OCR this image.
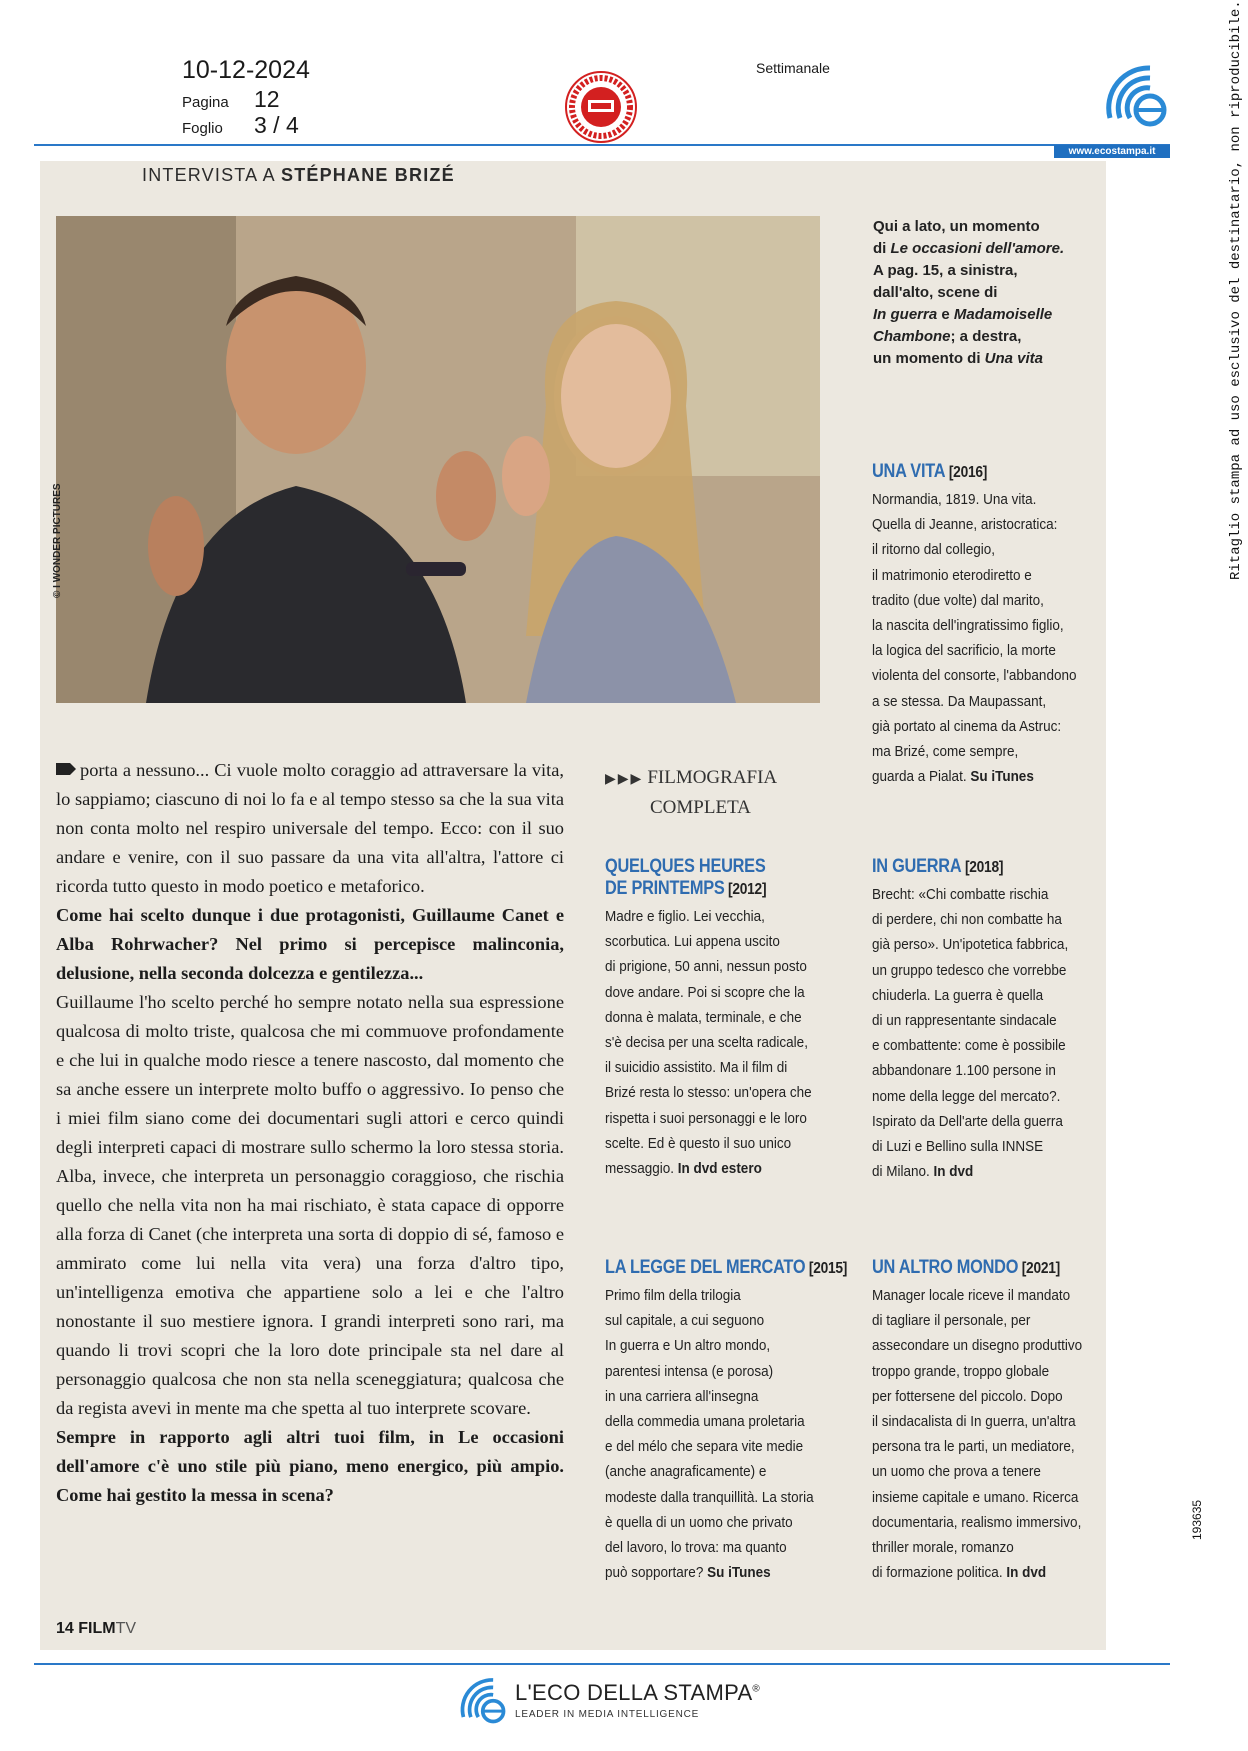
10-12-2024
Pagina 12
Foglio 3 / 4
Settimanale
www.ecostampa.it
INTERVISTA A STÉPHANE BRIZÉ
© I WONDER PICTURES
Qui a lato, un momento
di Le occasioni dell'amore.
A pag. 15, a sinistra,
dall'alto, scene di
In guerra e Madamoiselle
Chambone; a destra,
un momento di Una vita

porta a nessuno... Ci vuole molto coraggio ad attraversare la vita, lo sappiamo; ciascuno di noi lo fa e al tempo stesso sa che la sua vita non conta molto nel respiro universale del tempo. Ecco: con il suo andare e venire, con il suo passare da una vita all'altra, l'attore ci ricorda tutto questo in modo poetico e metaforico.

Come hai scelto dunque i due protagonisti, Guillaume Canet e Alba Rohrwacher? Nel primo si percepisce malinconia, delusione, nella seconda dolcezza e gentilezza...

Guillaume l'ho scelto perché ho sempre notato nella sua espressione qualcosa di molto triste, qualcosa che mi commuove profondamente e che lui in qualche modo riesce a tenere nascosto, dal momento che sa anche essere un interprete molto buffo o aggressivo. Io penso che i miei film siano come dei documentari sugli attori e cerco quindi degli interpreti capaci di mostrare sullo schermo la loro stessa storia. Alba, invece, che interpreta un personaggio coraggioso, che rischia quello che nella vita non ha mai rischiato, è stata capace di opporre alla forza di Canet (che interpreta una sorta di doppio di sé, famoso e ammirato come lui nella vita vera) una forza d'altro tipo, un'intelligenza emotiva che appartiene solo a lei e che l'altro nonostante il suo mestiere ignora. I grandi interpreti sono rari, ma quando li trovi scopri che la loro dote principale sta nel dare al personaggio qualcosa che non sta nella sceneggiatura; qualcosa che da regista avevi in mente ma che spetta al tuo interprete scovare.

Sempre in rapporto agli altri tuoi film, in Le occasioni dell'amore c'è uno stile più piano, meno energico, più ampio. Come hai gestito la messa in scena?

▶▶▶ FILMOGRAFIA
COMPLETA
QUELQUES HEURES
DE PRINTEMPS [2012]
Madre e figlio. Lei vecchia,
scorbutica. Lui appena uscito
di prigione, 50 anni, nessun posto
dove andare. Poi si scopre che la
donna è malata, terminale, e che
s'è decisa per una scelta radicale,
il suicidio assistito. Ma il film di
Brizé resta lo stesso: un'opera che
rispetta i suoi personaggi e le loro
scelte. Ed è questo il suo unico
messaggio. In dvd estero
LA LEGGE DEL MERCATO [2015]
Primo film della trilogia
sul capitale, a cui seguono
In guerra e Un altro mondo,
parentesi intensa (e porosa)
in una carriera all'insegna
della commedia umana proletaria
e del mélo che separa vite medie
(anche anagraficamente) e
modeste dalla tranquillità. La storia
è quella di un uomo che privato
del lavoro, lo trova: ma quanto
può sopportare? Su iTunes
UNA VITA [2016]
Normandia, 1819. Una vita.
Quella di Jeanne, aristocratica:
il ritorno dal collegio,
il matrimonio eterodiretto e
tradito (due volte) dal marito,
la nascita dell'ingratissimo figlio,
la logica del sacrificio, la morte
violenta del consorte, l'abbandono
a se stessa. Da Maupassant,
già portato al cinema da Astruc:
ma Brizé, come sempre,
guarda a Pialat. Su iTunes
IN GUERRA [2018]
Brecht: «Chi combatte rischia
di perdere, chi non combatte ha
già perso». Un'ipotetica fabbrica,
un gruppo tedesco che vorrebbe
chiuderla. La guerra è quella
di un rappresentante sindacale
e combattente: come è possibile
abbandonare 1.100 persone in
nome della legge del mercato?.
Ispirato da Dell'arte della guerra
di Luzi e Bellino sulla INNSE
di Milano. In dvd
UN ALTRO MONDO [2021]
Manager locale riceve il mandato
di tagliare il personale, per
assecondare un disegno produttivo
troppo grande, troppo globale
per fottersene del piccolo. Dopo
il sindacalista di In guerra, un'altra
persona tra le parti, un mediatore,
un uomo che prova a tenere
insieme capitale e umano. Ricerca
documentaria, realismo immersivo,
thriller morale, romanzo
di formazione politica. In dvd
14 FILMTV
Ritaglio stampa ad uso esclusivo del destinatario, non riproducibile.
193635
L'ECO DELLA STAMPA®
LEADER IN MEDIA INTELLIGENCE
